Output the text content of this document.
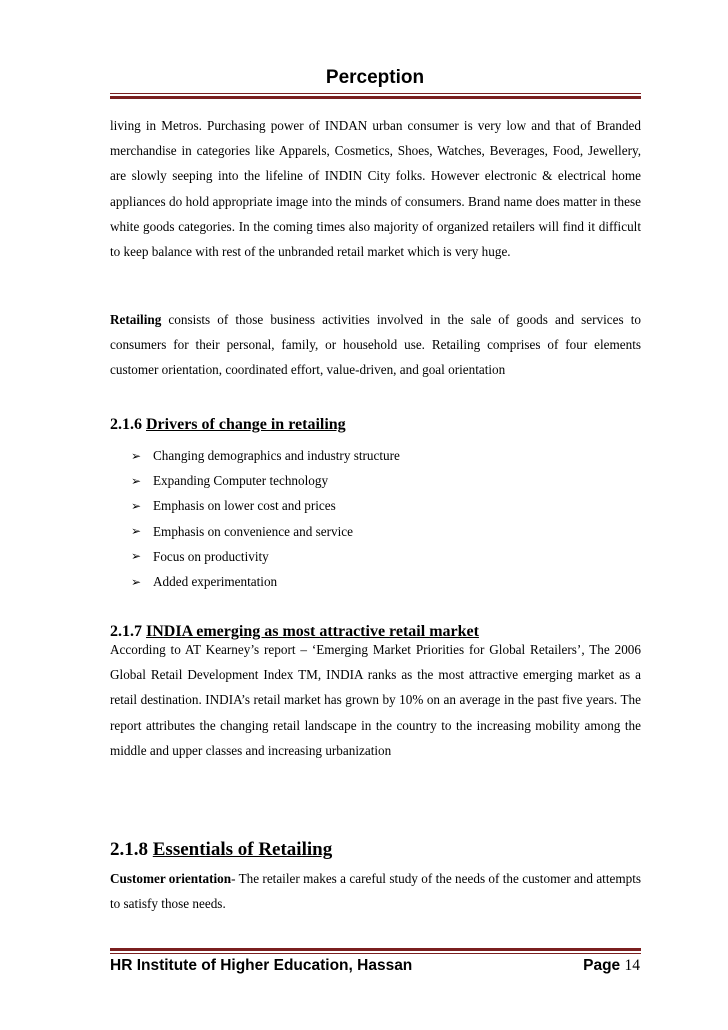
Perception

living in Metros. Purchasing power of INDAN urban consumer is very low and that of Branded merchandise in categories like Apparels, Cosmetics, Shoes, Watches, Beverages, Food, Jewellery, are slowly seeping into the lifeline of INDIN City folks. However electronic & electrical home appliances do hold appropriate image into the minds of consumers. Brand name does matter in these white goods categories. In the coming times also majority of organized retailers will find it difficult to keep balance with rest of the unbranded retail market which is very huge.

Retailing consists of those business activities involved in the sale of goods and services to consumers for their personal, family, or household use. Retailing comprises of four elements customer orientation, coordinated effort, value-driven, and goal orientation

2.1.6 Drivers of change in retailing
➢ Changing demographics and industry structure
➢ Expanding Computer technology
➢ Emphasis on lower cost and prices
➢ Emphasis on convenience and service
➢ Focus on productivity
➢ Added experimentation
2.1.7 INDIA emerging as most attractive retail market

According to AT Kearney’s report – ‘Emerging Market Priorities for Global Retailers’, The 2006 Global Retail Development Index TM, INDIA ranks as the most attractive emerging market as a retail destination. INDIA’s retail market has grown by 10% on an average in the past five years. The report attributes the changing retail landscape in the country to the increasing mobility among the middle and upper classes and increasing urbanization

2.1.8 Essentials of Retailing

Customer orientation- The retailer makes a careful study of the needs of the customer and attempts to satisfy those needs.

HR Institute of Higher Education, Hassan	Page 14
